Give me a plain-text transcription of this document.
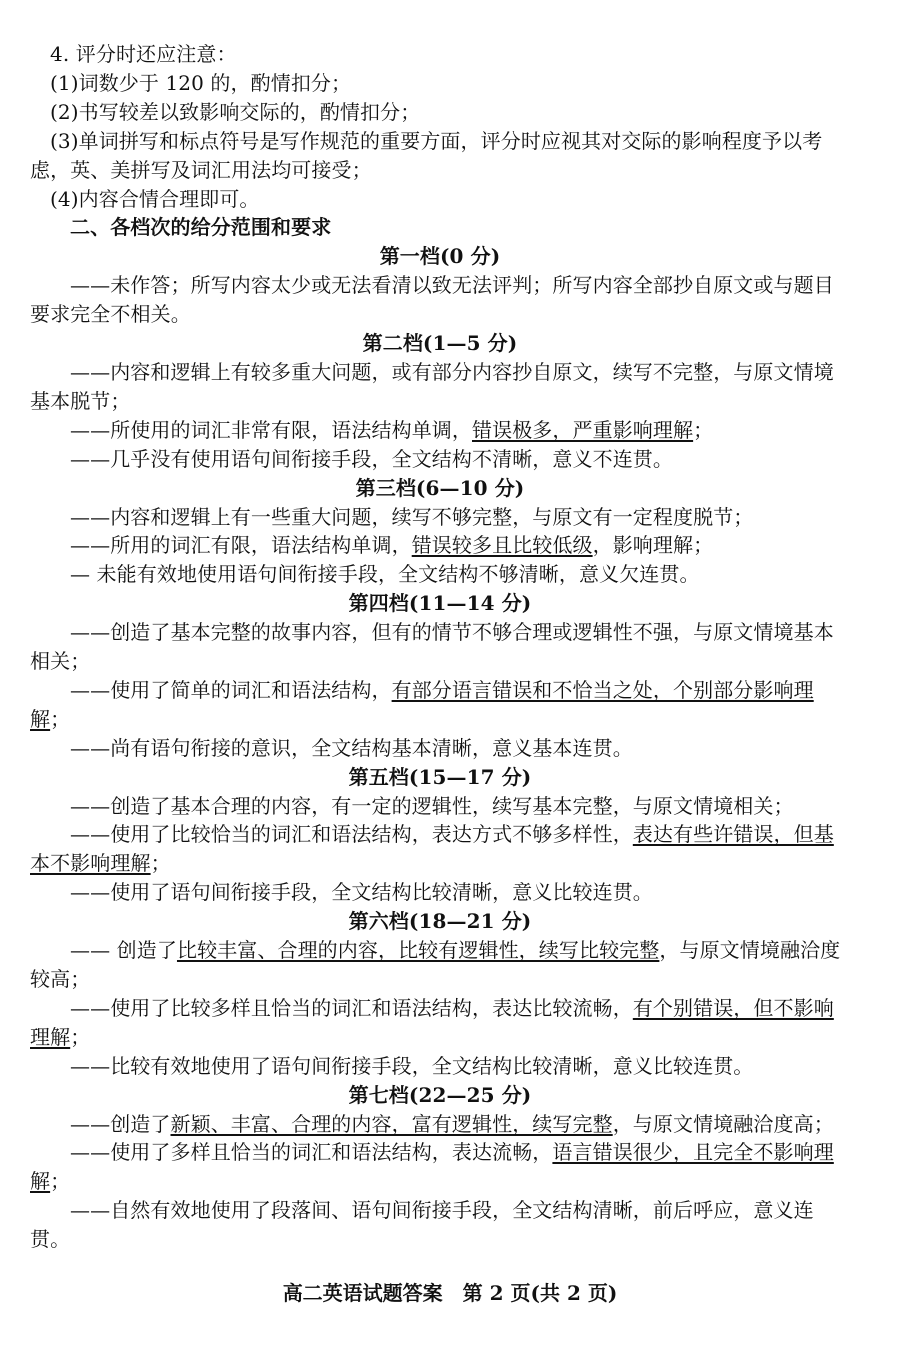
4. 评分时还应注意：

(1)词数少于 120 的，酌情扣分；

(2)书写较差以致影响交际的，酌情扣分；

(3)单词拼写和标点符号是写作规范的重要方面，评分时应视其对交际的影响程度予以考虑，英、美拼写及词汇用法均可接受；

(4)内容合情合理即可。

二、各档次的给分范围和要求

第一档(0 分)

——未作答；所写内容太少或无法看清以致无法评判；所写内容全部抄自原文或与题目要求完全不相关。

第二档(1—5 分)

——内容和逻辑上有较多重大问题，或有部分内容抄自原文，续写不完整，与原文情境基本脱节；

——所使用的词汇非常有限，语法结构单调，错误极多，严重影响理解；

——几乎没有使用语句间衔接手段，全文结构不清晰，意义不连贯。

第三档(6—10 分)

——内容和逻辑上有一些重大问题，续写不够完整，与原文有一定程度脱节；

——所用的词汇有限，语法结构单调，错误较多且比较低级，影响理解；

— 未能有效地使用语句间衔接手段，全文结构不够清晰，意义欠连贯。

第四档(11—14 分)

——创造了基本完整的故事内容，但有的情节不够合理或逻辑性不强，与原文情境基本相关；

——使用了简单的词汇和语法结构，有部分语言错误和不恰当之处，个别部分影响理解；

——尚有语句衔接的意识，全文结构基本清晰，意义基本连贯。

第五档(15—17 分)

——创造了基本合理的内容，有一定的逻辑性，续写基本完整，与原文情境相关；

——使用了比较恰当的词汇和语法结构，表达方式不够多样性，表达有些许错误，但基本不影响理解；

——使用了语句间衔接手段，全文结构比较清晰，意义比较连贯。

第六档(18—21 分)

—— 创造了比较丰富、合理的内容，比较有逻辑性，续写比较完整，与原文情境融洽度较高；

——使用了比较多样且恰当的词汇和语法结构，表达比较流畅，有个别错误，但不影响理解；

——比较有效地使用了语句间衔接手段，全文结构比较清晰，意义比较连贯。

第七档(22—25 分)

——创造了新颖、丰富、合理的内容，富有逻辑性，续写完整，与原文情境融洽度高；

——使用了多样且恰当的词汇和语法结构，表达流畅，语言错误很少，且完全不影响理解；

——自然有效地使用了段落间、语句间衔接手段，全文结构清晰，前后呼应，意义连贯。

高二英语试题答案　第 2 页(共 2 页)
